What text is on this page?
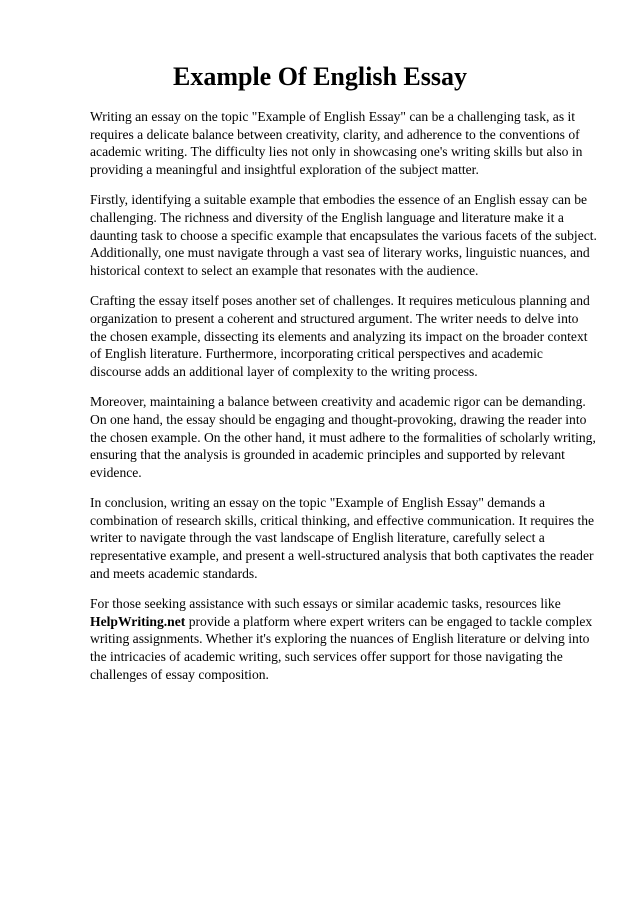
Example Of English Essay

Writing an essay on the topic "Example of English Essay" can be a challenging task, as it requires a delicate balance between creativity, clarity, and adherence to the conventions of academic writing. The difficulty lies not only in showcasing one's writing skills but also in providing a meaningful and insightful exploration of the subject matter.

Firstly, identifying a suitable example that embodies the essence of an English essay can be challenging. The richness and diversity of the English language and literature make it a daunting task to choose a specific example that encapsulates the various facets of the subject. Additionally, one must navigate through a vast sea of literary works, linguistic nuances, and historical context to select an example that resonates with the audience.

Crafting the essay itself poses another set of challenges. It requires meticulous planning and organization to present a coherent and structured argument. The writer needs to delve into the chosen example, dissecting its elements and analyzing its impact on the broader context of English literature. Furthermore, incorporating critical perspectives and academic discourse adds an additional layer of complexity to the writing process.

Moreover, maintaining a balance between creativity and academic rigor can be demanding. On one hand, the essay should be engaging and thought-provoking, drawing the reader into the chosen example. On the other hand, it must adhere to the formalities of scholarly writing, ensuring that the analysis is grounded in academic principles and supported by relevant evidence.

In conclusion, writing an essay on the topic "Example of English Essay" demands a combination of research skills, critical thinking, and effective communication. It requires the writer to navigate through the vast landscape of English literature, carefully select a representative example, and present a well-structured analysis that both captivates the reader and meets academic standards.

For those seeking assistance with such essays or similar academic tasks, resources like HelpWriting.net provide a platform where expert writers can be engaged to tackle complex writing assignments. Whether it's exploring the nuances of English literature or delving into the intricacies of academic writing, such services offer support for those navigating the challenges of essay composition.
